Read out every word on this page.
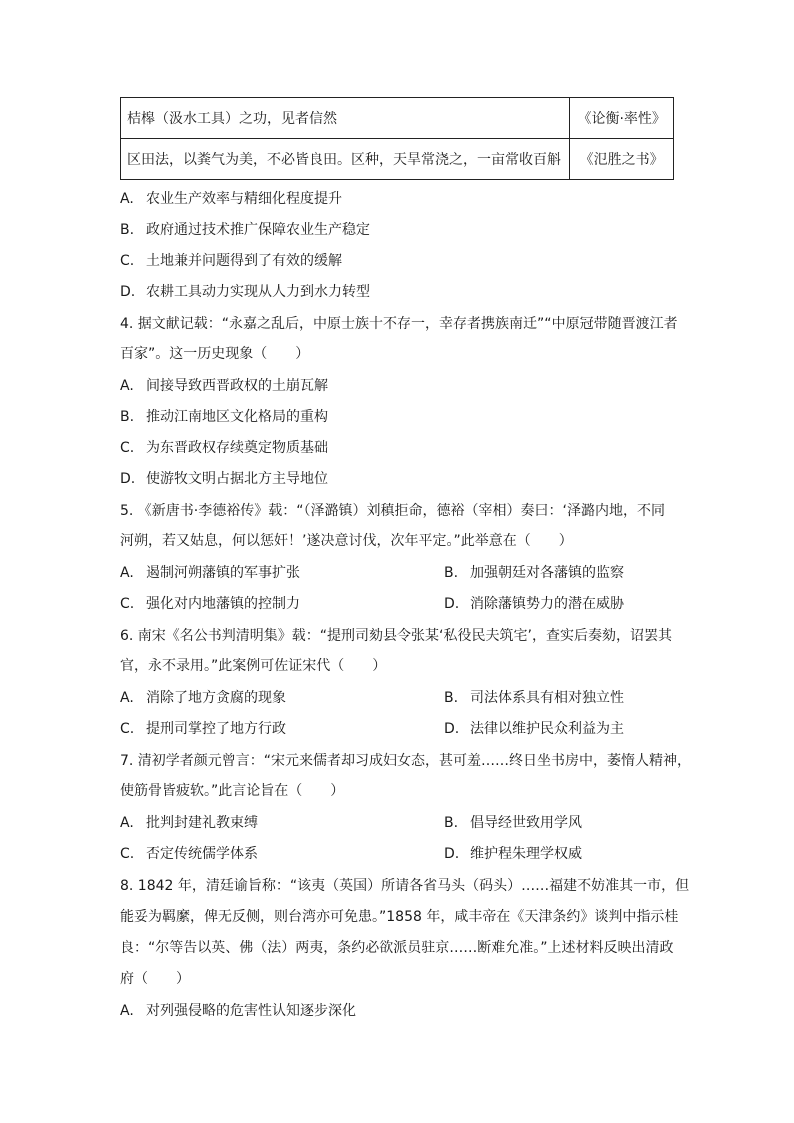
桔槔（汲水工具）之功，见者信然	《论衡·率性》
区田法，以粪气为美，不必皆良田。区种，天旱常浇之，一亩常收百斛	《氾胜之书》
A. 农业生产效率与精细化程度提升
B. 政府通过技术推广保障农业生产稳定
C. 土地兼并问题得到了有效的缓解
D. 农耕工具动力实现从人力到水力转型
4. 据文献记载：“永嘉之乱后，中原士族十不存一，幸存者携族南迁”“中原冠带随晋渡江者
百家”。这一历史现象（　　）
A. 间接导致西晋政权的土崩瓦解
B. 推动江南地区文化格局的重构
C. 为东晋政权存续奠定物质基础
D. 使游牧文明占据北方主导地位
5. 《新唐书·李德裕传》载：“（泽潞镇）刘稹拒命，德裕（宰相）奏曰：‘泽潞内地，不同
河朔，若又姑息，何以惩奸！’遂决意讨伐，次年平定。”此举意在（　　）
A. 遏制河朔藩镇的军事扩张	B. 加强朝廷对各藩镇的监察
C. 强化对内地藩镇的控制力	D. 消除藩镇势力的潜在威胁
6. 南宋《名公书判清明集》载：“提刑司劾县令张某‘私役民夫筑宅’，查实后奏劾，诏罢其
官，永不录用。”此案例可佐证宋代（　　）
A. 消除了地方贪腐的现象	B. 司法体系具有相对独立性
C. 提刑司掌控了地方行政	D. 法律以维护民众利益为主
7. 清初学者颜元曾言：“宋元来儒者却习成妇女态，甚可羞……终日坐书房中，萎惰人精神，
使筋骨皆疲软。”此言论旨在（　　）
A. 批判封建礼教束缚	B. 倡导经世致用学风
C. 否定传统儒学体系	D. 维护程朱理学权威
8. 1842 年，清廷谕旨称：“该夷（英国）所请各省马头（码头）……福建不妨准其一市，但
能妥为羁縻，俾无反侧，则台湾亦可免患。”1858 年，咸丰帝在《天津条约》谈判中指示桂
良：“尔等告以英、佛（法）两夷，条约必欲派员驻京……断难允准。”上述材料反映出清政
府（　　）
A. 对列强侵略的危害性认知逐步深化
